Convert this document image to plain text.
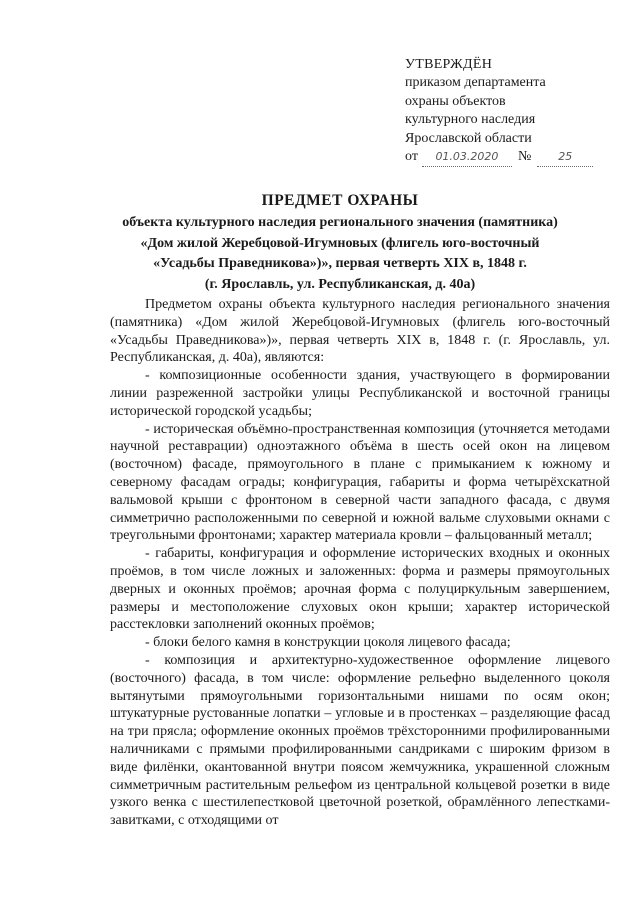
УТВЕРЖДЁН
приказом департамента
охраны объектов
культурного наследия
Ярославской области
от	01.03.2020	№	25
ПРЕДМЕТ ОХРАНЫ
объекта культурного наследия регионального значения (памятника)
«Дом жилой Жеребцовой-Игумновых (флигель юго-восточный
«Усадьбы Праведникова»)», первая четверть XIX в, 1848 г.
(г. Ярославль, ул. Республиканская, д. 40а)

Предметом охраны объекта культурного наследия регионального значения (памятника) «Дом жилой Жеребцовой-Игумновых (флигель юго-восточный «Усадьбы Праведникова»)», первая четверть XIX в, 1848 г. (г. Ярославль, ул. Республиканская, д. 40а), являются:

- композиционные особенности здания, участвующего в формировании линии разреженной застройки улицы Республиканской и восточной границы исторической городской усадьбы;

- историческая объёмно-пространственная композиция (уточняется методами научной реставрации) одноэтажного объёма в шесть осей окон на лицевом (восточном) фасаде, прямоугольного в плане с примыканием к южному и северному фасадам ограды; конфигурация, габариты и форма четырёхскатной вальмовой крыши с фронтоном в северной части западного фасада, с двумя симметрично расположенными по северной и южной вальме слуховыми окнами с треугольными фронтонами; характер материала кровли – фальцованный металл;

- габариты, конфигурация и оформление исторических входных и оконных проёмов, в том числе ложных и заложенных: форма и размеры прямоугольных дверных и оконных проёмов; арочная форма с полуциркульным завершением, размеры и местоположение слуховых окон крыши; характер исторической расстекловки заполнений оконных проёмов;

- блоки белого камня в конструкции цоколя лицевого фасада;

- композиция и архитектурно-художественное оформление лицевого (восточного) фасада, в том числе: оформление рельефно выделенного цоколя вытянутыми прямоугольными горизонтальными нишами по осям окон; штукатурные рустованные лопатки – угловые и в простенках – разделяющие фасад на три прясла; оформление оконных проёмов трёхсторонними профилированными наличниками с прямыми профилированными сандриками с широким фризом в виде филёнки, окантованной внутри поясом жемчужника, украшенной сложным симметричным растительным рельефом из центральной кольцевой розетки в виде узкого венка с шестилепестковой цветочной розеткой, обрамлённого лепестками-завитками, с отходящими от
